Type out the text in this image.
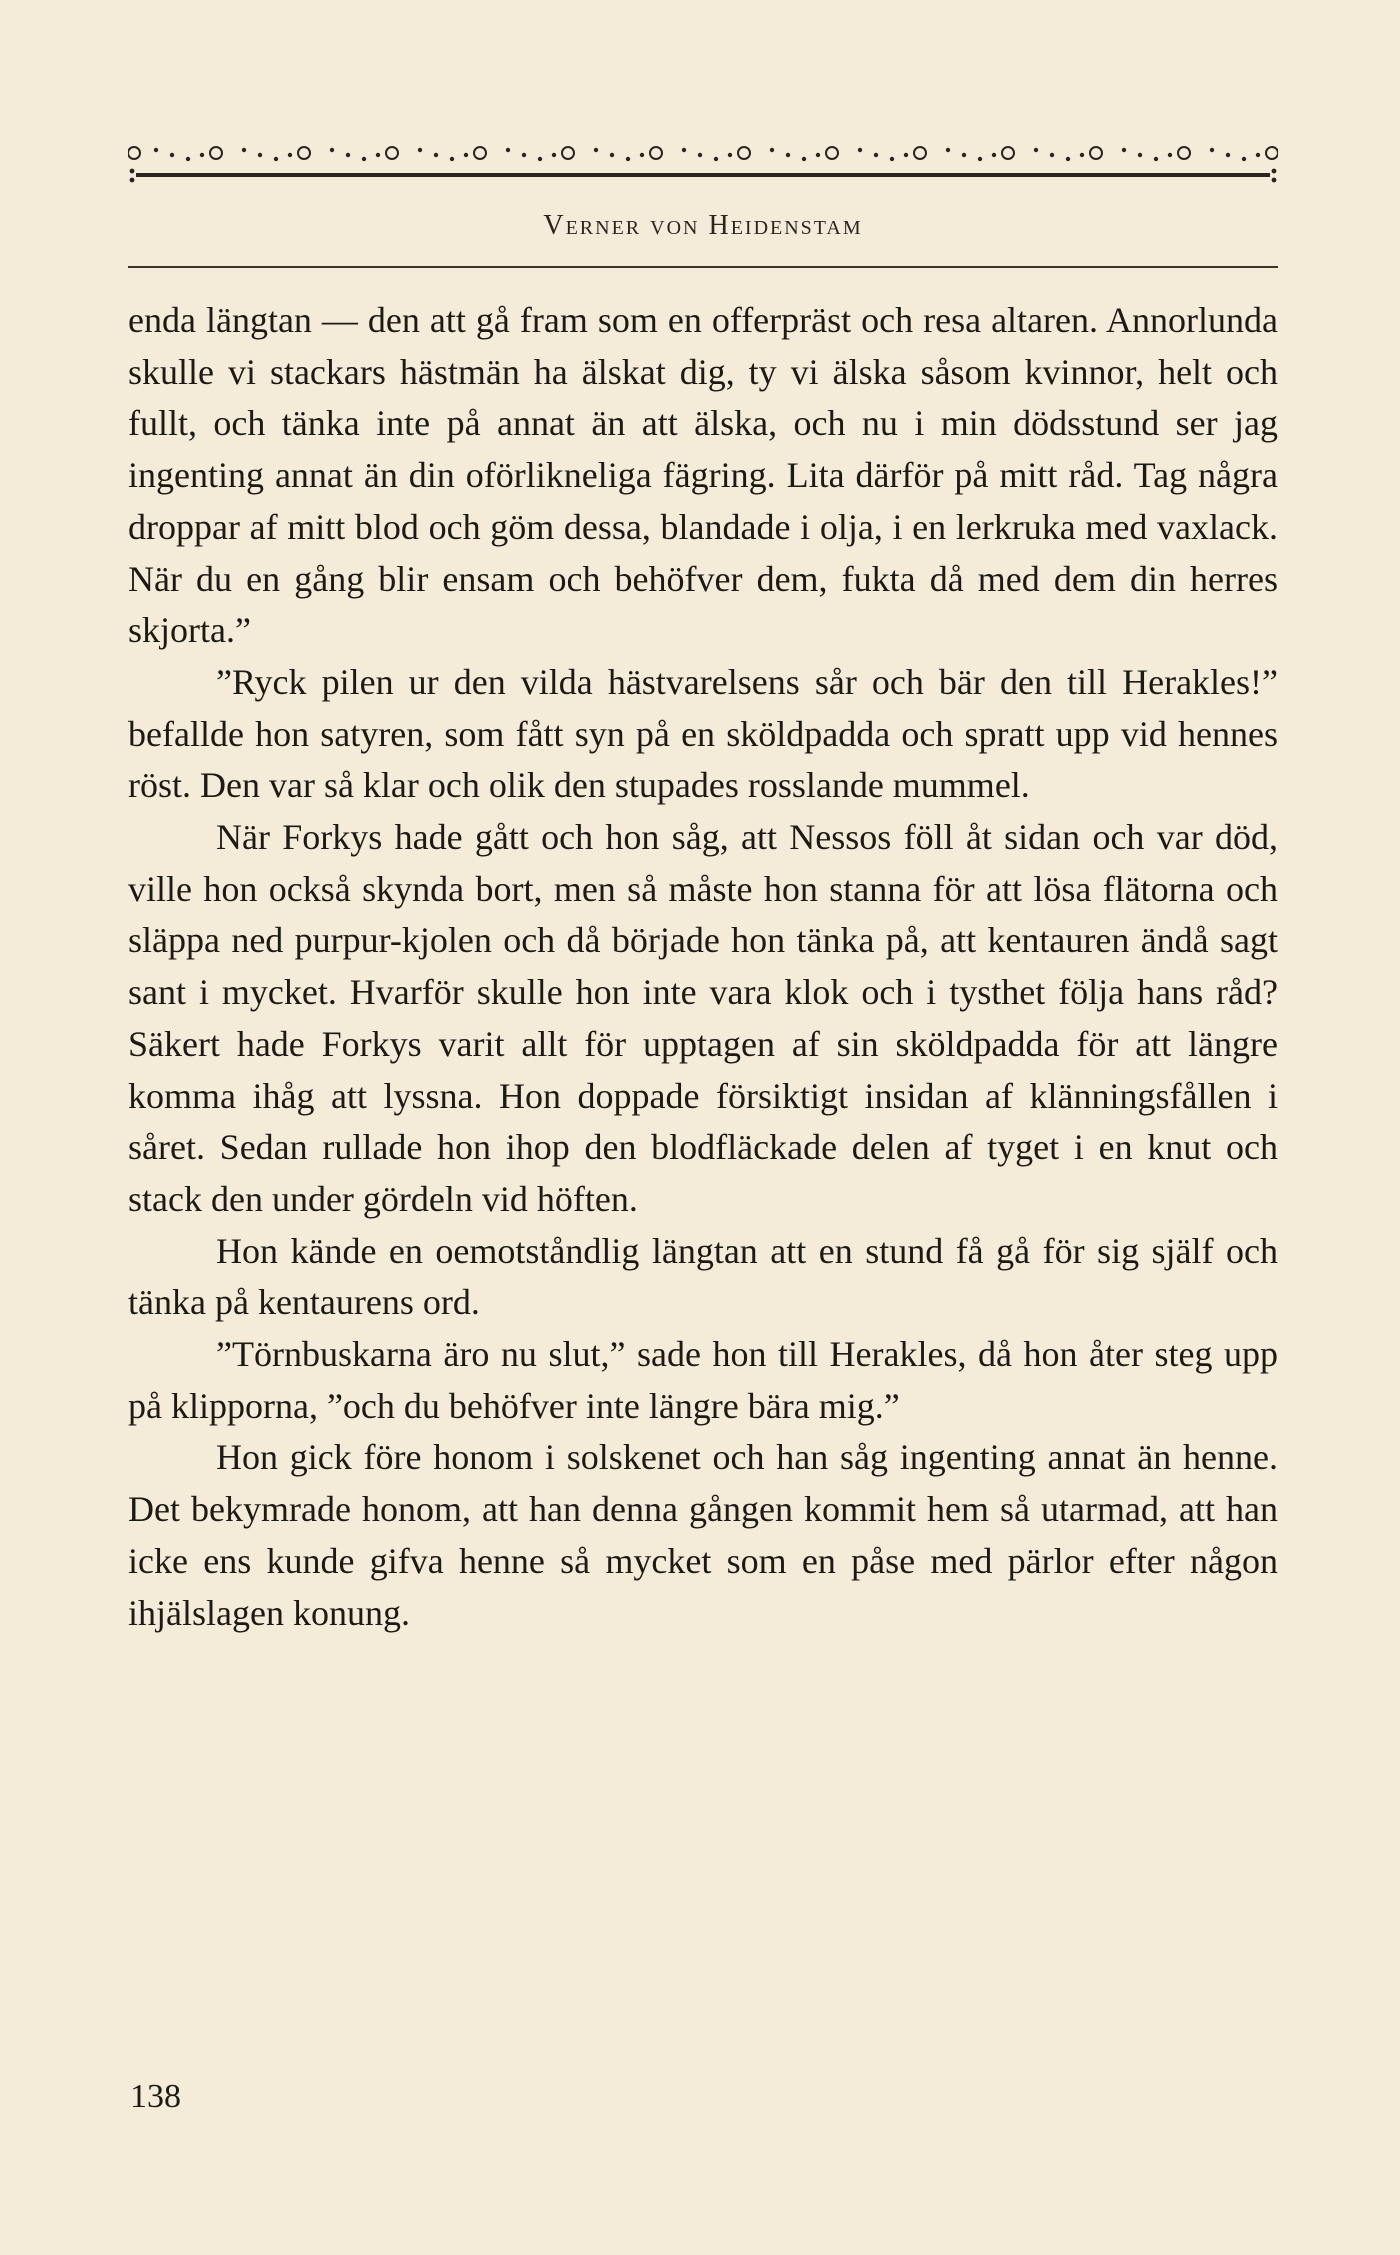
Verner von Heidenstam

enda längtan — den att gå fram som en offerpräst och resa altaren. Annorlunda skulle vi stackars hästmän ha älskat dig, ty vi älska såsom kvinnor, helt och fullt, och tänka inte på annat än att älska, och nu i min dödsstund ser jag ingenting annat än din oförlikneliga fägring. Lita därför på mitt råd. Tag några droppar af mitt blod och göm dessa, blandade i olja, i en lerkruka med vaxlack. När du en gång blir ensam och behöfver dem, fukta då med dem din herres skjorta.”

”Ryck pilen ur den vilda hästvarelsens sår och bär den till Herakles!” befallde hon satyren, som fått syn på en sköldpadda och spratt upp vid hennes röst. Den var så klar och olik den stupades rosslande mummel.

När Forkys hade gått och hon såg, att Nessos föll åt sidan och var död, ville hon också skynda bort, men så måste hon stanna för att lösa flätorna och släppa ned purpur-kjolen och då började hon tänka på, att kentauren ändå sagt sant i mycket. Hvarför skulle hon inte vara klok och i tysthet följa hans råd? Säkert hade Forkys varit allt för upptagen af sin sköldpadda för att längre komma ihåg att lyssna. Hon doppade försiktigt insidan af klänningsfållen i såret. Sedan rullade hon ihop den blodfläckade delen af tyget i en knut och stack den under gördeln vid höften.

Hon kände en oemotståndlig längtan att en stund få gå för sig själf och tänka på kentaurens ord.

”Törnbuskarna äro nu slut,” sade hon till Herakles, då hon åter steg upp på klipporna, ”och du behöfver inte längre bära mig.”

Hon gick före honom i solskenet och han såg ingenting annat än henne. Det bekymrade honom, att han denna gången kommit hem så utarmad, att han icke ens kunde gifva henne så mycket som en påse med pärlor efter någon ihjälslagen konung.

138
